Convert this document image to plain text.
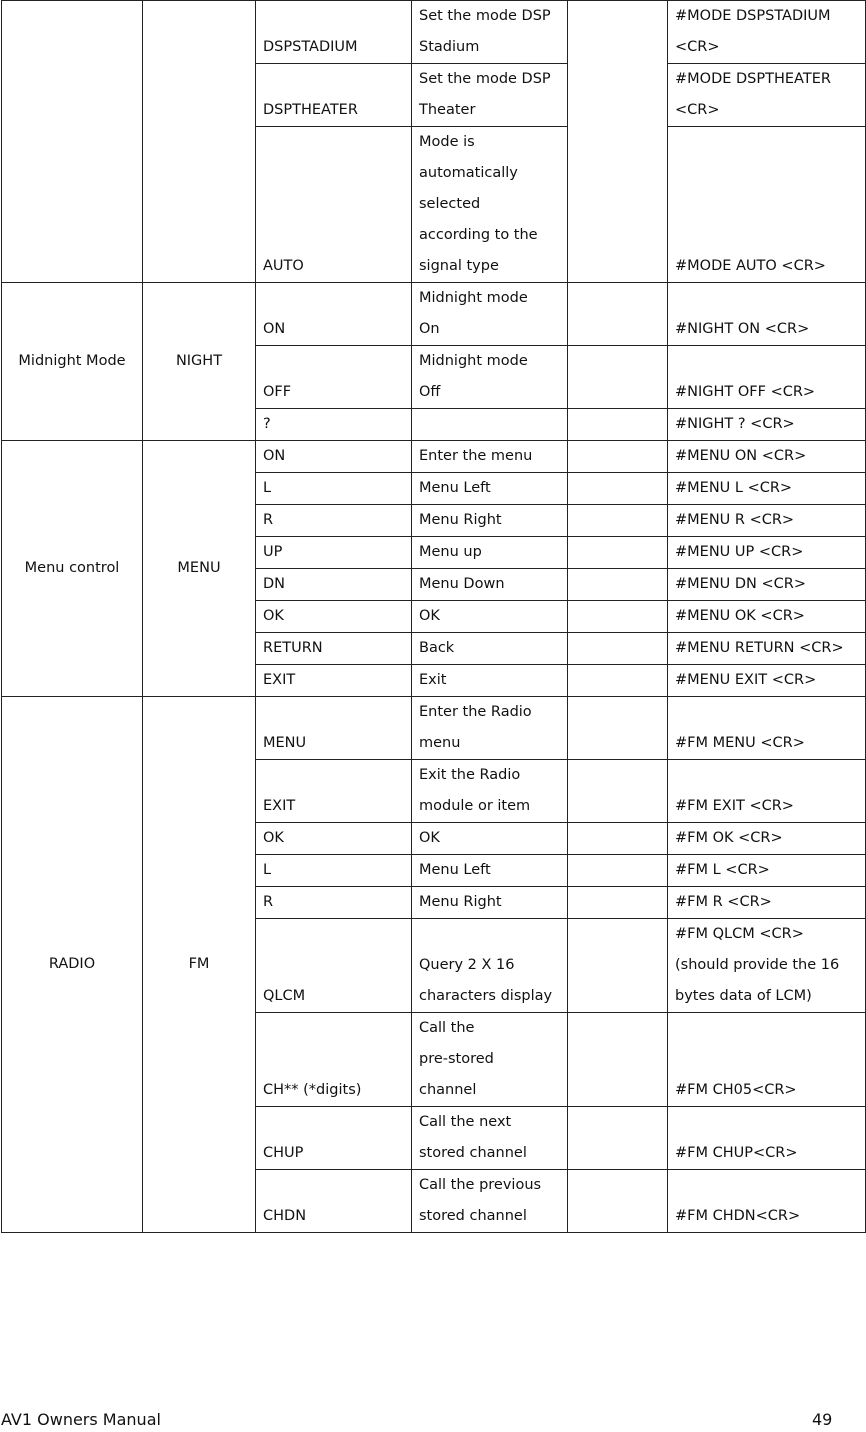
		DSPSTADIUM	Set the mode DSP
Stadium		#MODE DSPSTADIUM
<CR>

		DSPTHEATER	Set the mode DSP
Theater		#MODE DSPTHEATER
<CR>

		AUTO	Mode is
automatically
selected
according to the
signal type		#MODE AUTO <CR>

Midnight Mode	NIGHT	ON	Midnight mode
On		#NIGHT ON <CR>

		OFF	Midnight mode
Off		#NIGHT OFF <CR>

		?			#NIGHT ? <CR>

Menu control	MENU	ON	Enter the menu		#MENU ON <CR>

		L	Menu Left		#MENU L <CR>

		R	Menu Right		#MENU R <CR>

		UP	Menu up		#MENU UP <CR>

		DN	Menu Down		#MENU DN <CR>

		OK	OK		#MENU OK <CR>

		RETURN	Back		#MENU RETURN <CR>

		EXIT	Exit		#MENU EXIT <CR>

RADIO	FM	MENU	Enter the Radio
menu		#FM MENU <CR>

		EXIT	Exit the Radio
module or item		#FM EXIT <CR>

		OK	OK		#FM OK <CR>

		L	Menu Left		#FM L <CR>

		R	Menu Right		#FM R <CR>

		QLCM	Query 2 X 16
characters display		#FM QLCM <CR>
(should provide the 16
bytes data of LCM)

		CH** (*digits)	Call the
pre-stored
channel		#FM CH05<CR>

		CHUP	Call the next
stored channel		#FM CHUP<CR>

		CHDN	Call the previous
stored channel		#FM CHDN<CR>
AV1 Owners Manual	49
